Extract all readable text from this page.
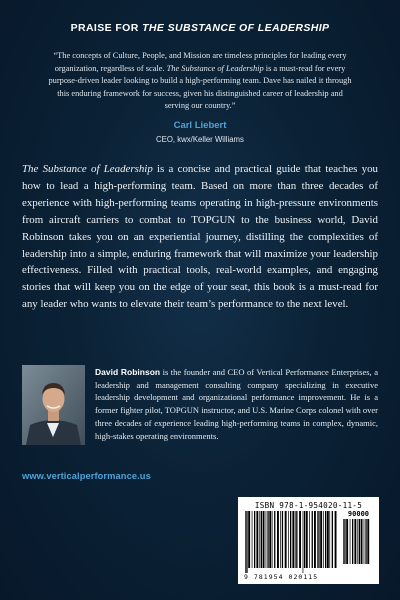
PRAISE FOR THE SUBSTANCE OF LEADERSHIP
“The concepts of Culture, People, and Mission are timeless principles for leading every organization, regardless of scale. The Substance of Leadership is a must-read for every purpose-driven leader looking to build a high-performing team. Dave has nailed it through this enduring framework for success, given his distinguished career of leadership and serving our country.”
Carl Liebert
CEO, kwx/Keller Williams
The Substance of Leadership is a concise and practical guide that teaches you how to lead a high-performing team. Based on more than three decades of experience with high-performing teams operating in high-pressure environments from aircraft carriers to combat to TOPGUN to the business world, David Robinson takes you on an experiential journey, distilling the complexities of leadership into a simple, enduring framework that will maximize your leadership effectiveness. Filled with practical tools, real-world examples, and engaging stories that will keep you on the edge of your seat, this book is a must-read for any leader who wants to elevate their team’s performance to the next level.
David Robinson is the founder and CEO of Vertical Performance Enterprises, a leadership and management consulting company specializing in executive leadership development and organizational performance improvement. He is a former fighter pilot, TOPGUN instructor, and U.S. Marine Corps colonel with over three decades of experience leading high-performing teams in complex, dynamic, high-stakes operating environments.
www.verticalperformance.us
ISBN 978-1-954020-11-5
90000
9 781954 020115
